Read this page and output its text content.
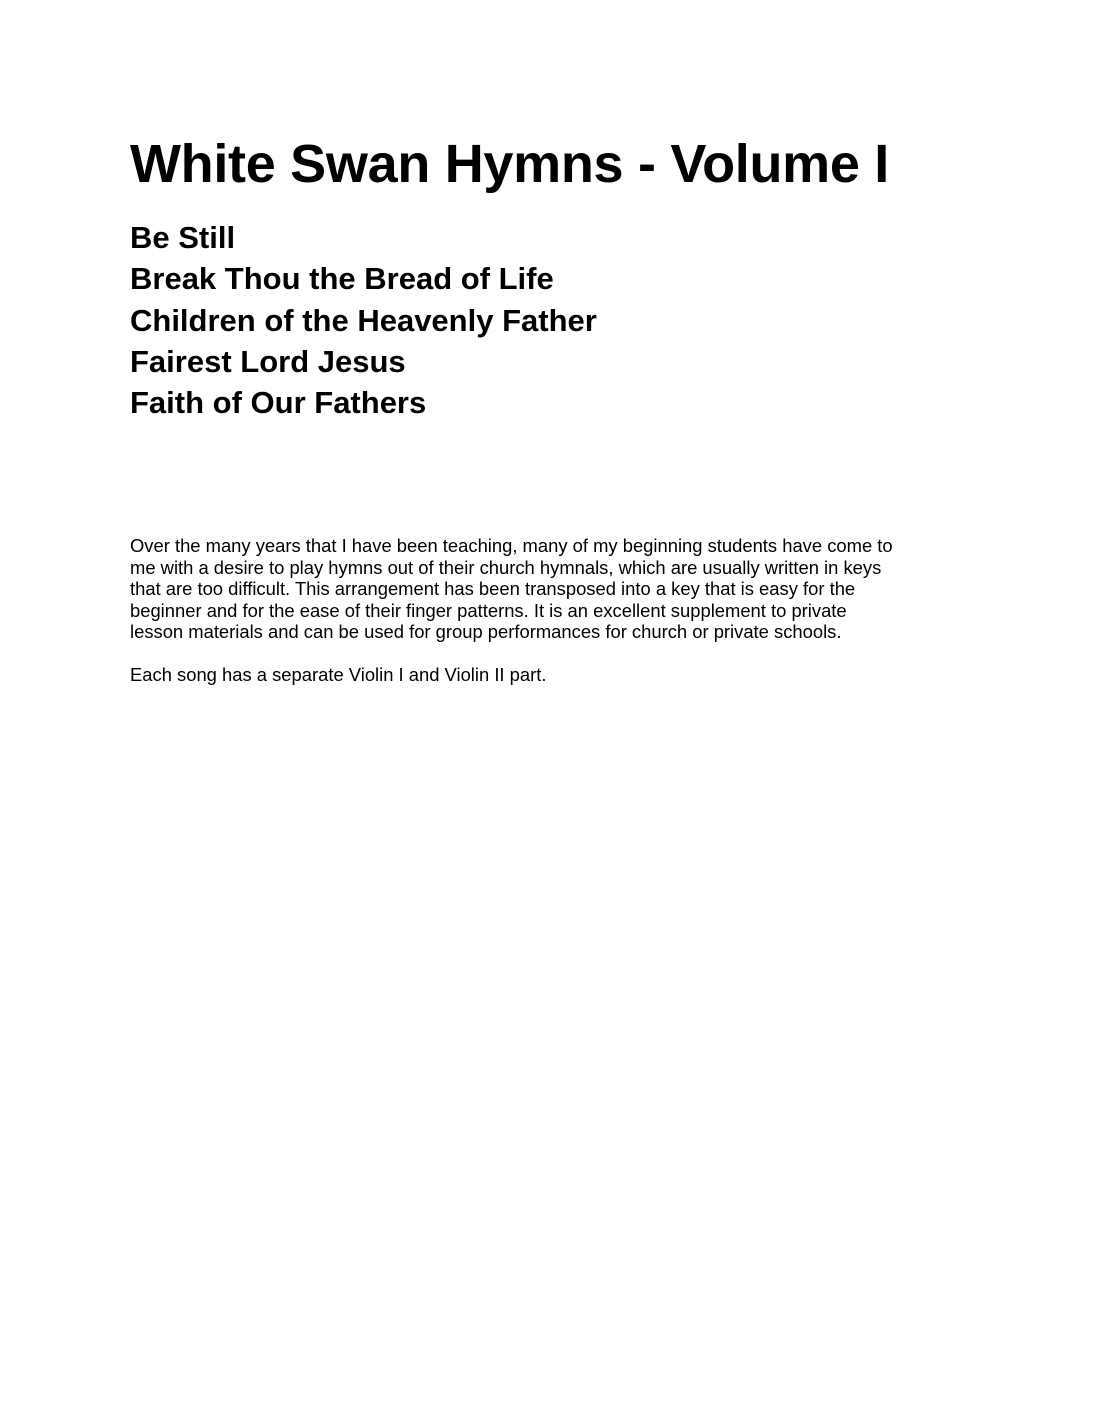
White Swan Hymns - Volume I
Be Still
Break Thou the Bread of Life
Children of the Heavenly Father
Fairest Lord Jesus
Faith of Our Fathers

Over the many years that I have been teaching, many of my beginning students have come to
me with a desire to play hymns out of their church hymnals, which are usually written in keys
that are too difficult. This arrangement has been transposed into a key that is easy for the
beginner and for the ease of their finger patterns. It is an excellent supplement to private
lesson materials and can be used for group performances for church or private schools.

Each song has a separate Violin I and Violin II part.
